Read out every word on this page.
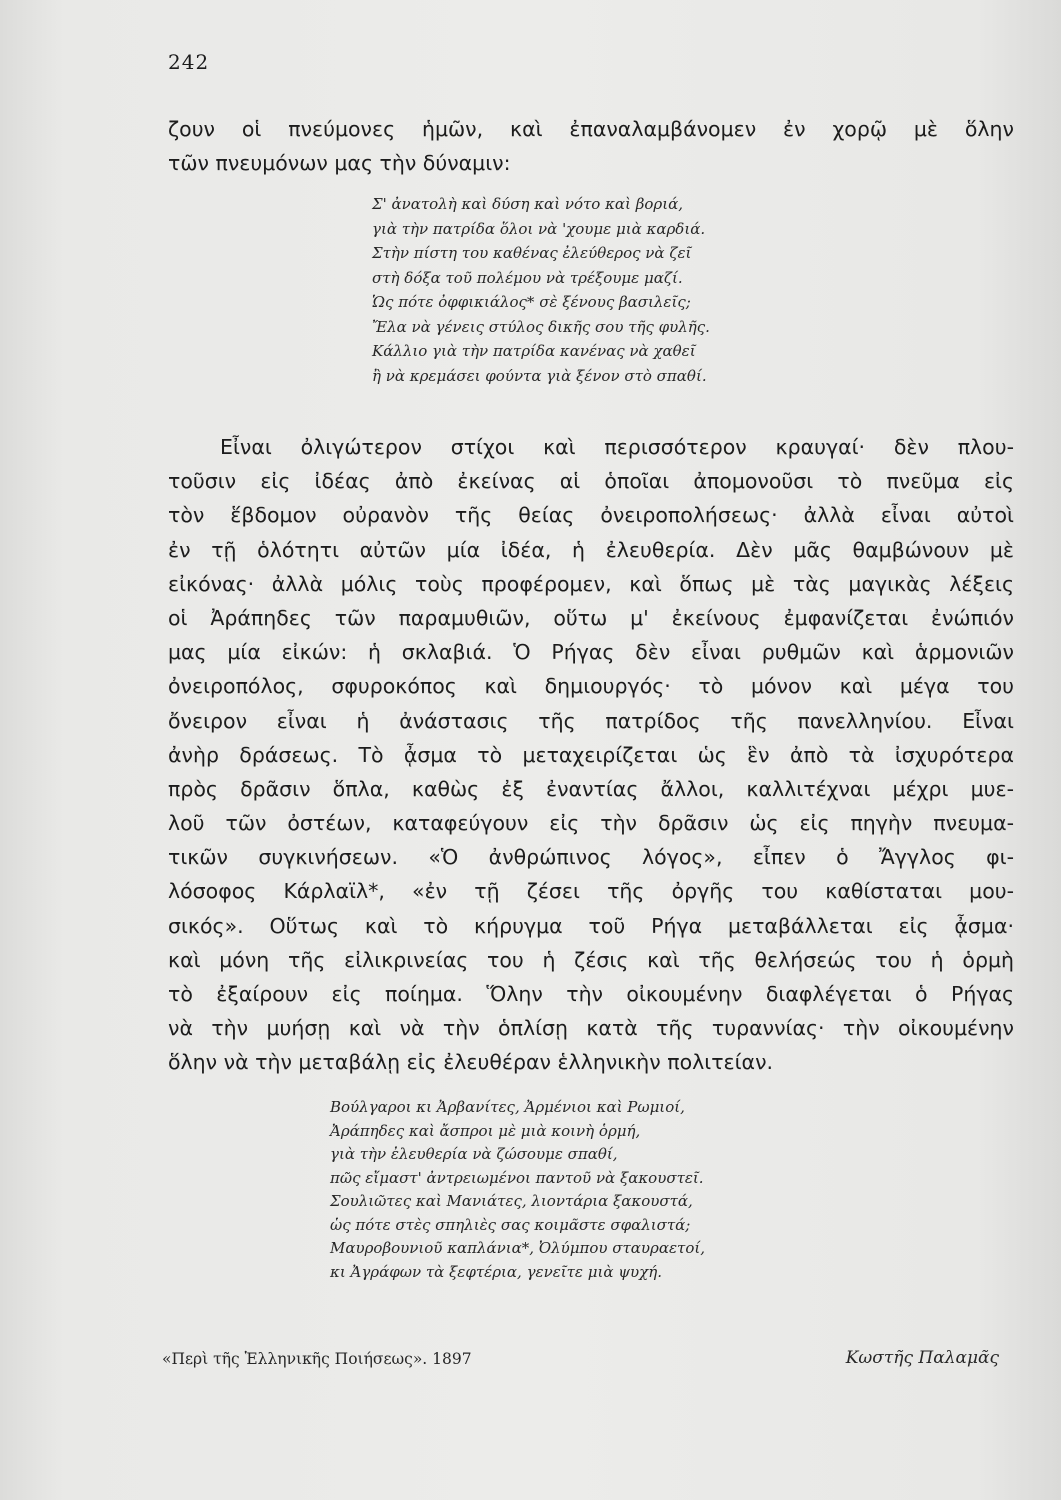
242
ζουν οἱ πνεύμονες ἡμῶν, καὶ ἐπαναλαμβάνομεν ἐν χορῷ μὲ ὅλην
τῶν πνευμόνων μας τὴν δύναμιν:
Σ' ἀνατολὴ καὶ δύση καὶ νότο καὶ βοριά,
γιὰ τὴν πατρίδα ὅλοι νὰ 'χουμε μιὰ καρδιά.
Στὴν πίστη του καθένας ἐλεύθερος νὰ ζεῖ
στὴ δόξα τοῦ πολέμου νὰ τρέξουμε μαζί.
Ὡς πότε ὀφφικιάλος* σὲ ξένους βασιλεῖς;
Ἔλα νὰ γένεις στύλος δικῆς σου τῆς φυλῆς.
Κάλλιο γιὰ τὴν πατρίδα κανένας νὰ χαθεῖ
ἢ νὰ κρεμάσει φούντα γιὰ ξένον στὸ σπαθί.
Εἶναι ὀλιγώτερον στίχοι καὶ περισσότερον κραυγαί· δὲν πλου-
τοῦσιν εἰς ἰδέας ἀπὸ ἐκείνας αἱ ὁποῖαι ἀπομονοῦσι τὸ πνεῦμα εἰς
τὸν ἕβδομον οὐρανὸν τῆς θείας ὀνειροπολήσεως· ἀλλὰ εἶναι αὐτοὶ
ἐν τῇ ὁλότητι αὐτῶν μία ἰδέα, ἡ ἐλευθερία. Δὲν μᾶς θαμβώνουν μὲ
εἰκόνας· ἀλλὰ μόλις τοὺς προφέρομεν, καὶ ὅπως μὲ τὰς μαγικὰς λέξεις
οἱ Ἀράπηδες τῶν παραμυθιῶν, οὕτω μ' ἐκείνους ἐμφανίζεται ἐνώπιόν
μας μία εἰκών: ἡ σκλαβιά. Ὁ Ρήγας δὲν εἶναι ρυθμῶν καὶ ἁρμονιῶν
ὀνειροπόλος, σφυροκόπος καὶ δημιουργός· τὸ μόνον καὶ μέγα του
ὄνειρον εἶναι ἡ ἀνάστασις τῆς πατρίδος τῆς πανελληνίου. Εἶναι
ἀνὴρ δράσεως. Τὸ ᾆσμα τὸ μεταχειρίζεται ὡς ἓν ἀπὸ τὰ ἰσχυρότερα
πρὸς δρᾶσιν ὅπλα, καθὼς ἐξ ἐναντίας ἄλλοι, καλλιτέχναι μέχρι μυε-
λοῦ τῶν ὀστέων, καταφεύγουν εἰς τὴν δρᾶσιν ὡς εἰς πηγὴν πνευμα-
τικῶν συγκινήσεων. «Ὁ ἀνθρώπινος λόγος», εἶπεν ὁ Ἄγγλος φι-
λόσοφος Κάρλαϊλ*, «ἐν τῇ ζέσει τῆς ὀργῆς του καθίσταται μου-
σικός». Οὕτως καὶ τὸ κήρυγμα τοῦ Ρήγα μεταβάλλεται εἰς ᾆσμα·
καὶ μόνη τῆς εἰλικρινείας του ἡ ζέσις καὶ τῆς θελήσεώς του ἡ ὁρμὴ
τὸ ἐξαίρουν εἰς ποίημα. Ὅλην τὴν οἰκουμένην διαφλέγεται ὁ Ρήγας
νὰ τὴν μυήσῃ καὶ νὰ τὴν ὁπλίσῃ κατὰ τῆς τυραννίας· τὴν οἰκουμένην
ὅλην νὰ τὴν μεταβάλῃ εἰς ἐλευθέραν ἑλληνικὴν πολιτείαν.
Βούλγαροι κι Ἀρβανίτες, Ἀρμένιοι καὶ Ρωμιοί,
Ἀράπηδες καὶ ἄσπροι μὲ μιὰ κοινὴ ὁρμή,
γιὰ τὴν ἐλευθερία νὰ ζώσουμε σπαθί,
πῶς εἴμαστ' ἀντρειωμένοι παντοῦ νὰ ξακουστεῖ.
Σουλιῶτες καὶ Μανιάτες, λιοντάρια ξακουστά,
ὡς πότε στὲς σπηλιὲς σας κοιμᾶστε σφαλιστά;
Μαυροβουνιοῦ καπλάνια*, Ὀλύμπου σταυραετοί,
κι Ἀγράφων τὰ ξεφτέρια, γενεῖτε μιὰ ψυχή.
«Περὶ τῆς Ἑλληνικῆς Ποιήσεως». 1897	Κωστῆς Παλαμᾶς
